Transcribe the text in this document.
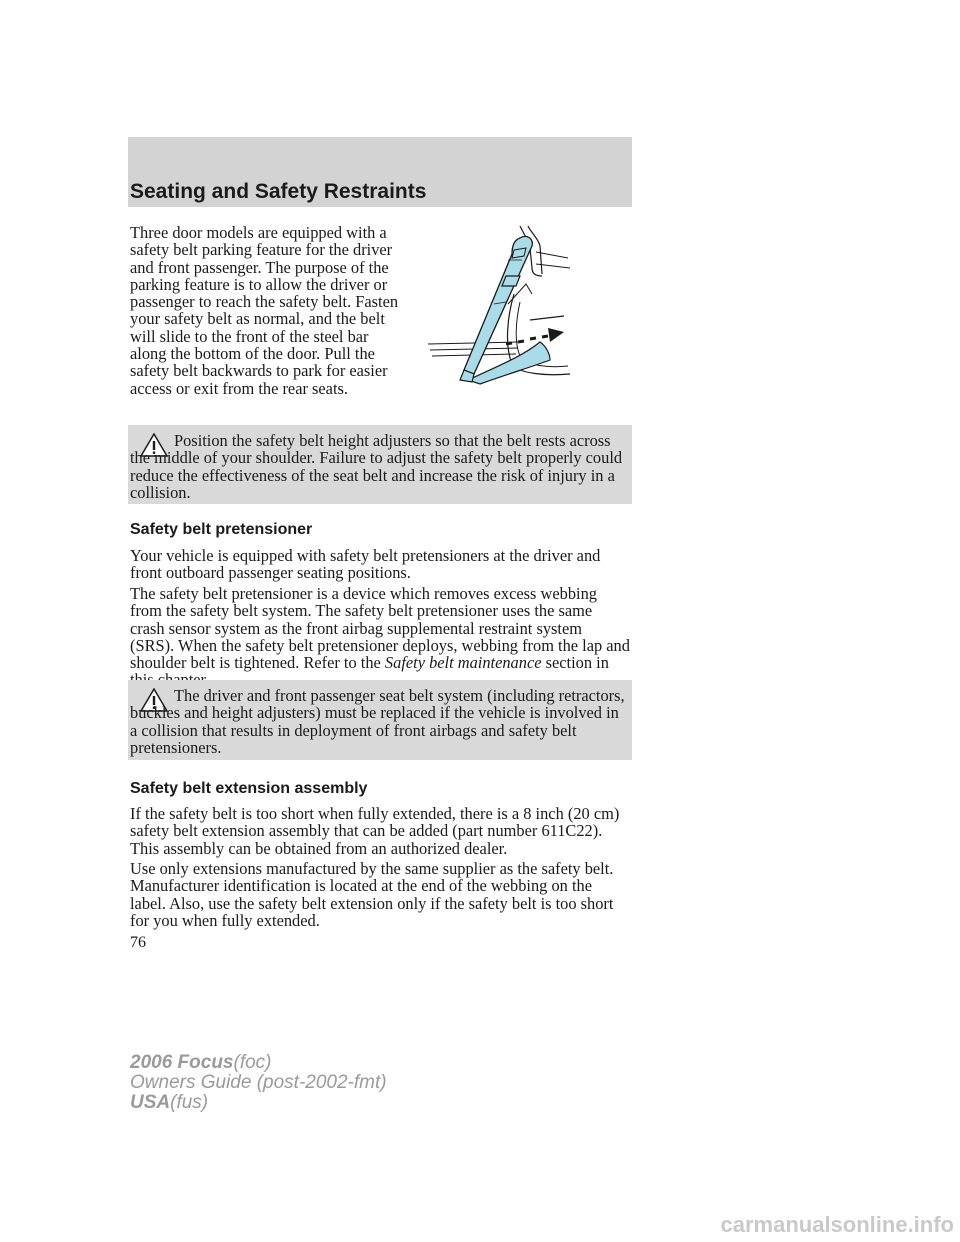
Seating and Safety Restraints

Three door models are equipped with a safety belt parking feature for the driver and front passenger. The purpose of the parking feature is to allow the driver or passenger to reach the safety belt. Fasten your safety belt as normal, and the belt will slide to the front of the steel bar along the bottom of the door. Pull the safety belt backwards to park for easier access or exit from the rear seats.

Position the safety belt height adjusters so that the belt rests across the middle of your shoulder. Failure to adjust the safety belt properly could reduce the effectiveness of the seat belt and increase the risk of injury in a collision.

Safety belt pretensioner

Your vehicle is equipped with safety belt pretensioners at the driver and front outboard passenger seating positions.

The safety belt pretensioner is a device which removes excess webbing from the safety belt system. The safety belt pretensioner uses the same crash sensor system as the front airbag supplemental restraint system (SRS). When the safety belt pretensioner deploys, webbing from the lap and shoulder belt is tightened. Refer to the Safety belt maintenance section in

The driver and front passenger seat belt system (including retractors, buckles and height adjusters) must be replaced if the vehicle is involved in a collision that results in deployment of front airbags and safety belt pretensioners.

Safety belt extension assembly

If the safety belt is too short when fully extended, there is a 8 inch (20 cm) safety belt extension assembly that can be added (part number 611C22). This assembly can be obtained from an authorized dealer.

Use only extensions manufactured by the same supplier as the safety belt. Manufacturer identification is located at the end of the webbing on the label. Also, use the safety belt extension only if the safety belt is too short for you when fully extended.

76
2006 Focus(foc)
Owners Guide (post-2002-fmt)
USA(fus)
carmanualsonline.info
